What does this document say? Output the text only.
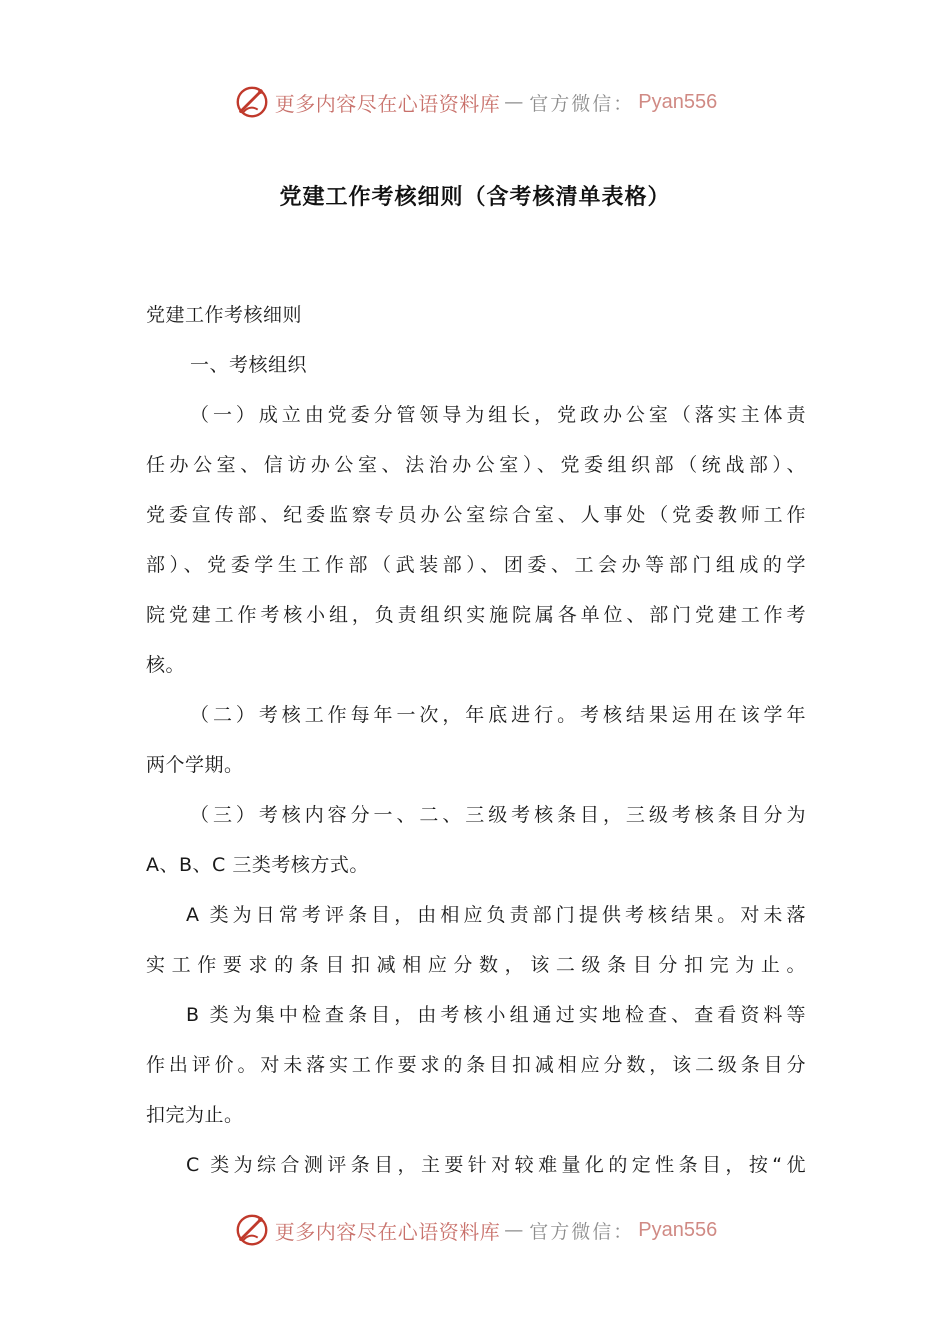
更多内容尽在心语资料库 — 官方微信： Pyan556
党建工作考核细则（含考核清单表格）
党建工作考核细则
一、考核组织
（一）成立由党委分管领导为组长，党政办公室（落实主体责
任办公室、信访办公室、法治办公室）、党委组织部（统战部）、
党委宣传部、纪委监察专员办公室综合室、人事处（党委教师工作
部）、党委学生工作部（武装部）、团委、工会办等部门组成的学
院党建工作考核小组，负责组织实施院属各单位、部门党建工作考
核。
（二）考核工作每年一次，年底进行。考核结果运用在该学年
两个学期。
（三）考核内容分一、二、三级考核条目，三级考核条目分为
A、B、C 三类考核方式。
A 类为日常考评条目，由相应负责部门提供考核结果。对未落
实工作要求的条目扣减相应分数，该二级条目分扣完为止。
B 类为集中检查条目，由考核小组通过实地检查、查看资料等
作出评价。对未落实工作要求的条目扣减相应分数，该二级条目分
扣完为止。
C 类为综合测评条目，主要针对较难量化的定性条目，按“优
更多内容尽在心语资料库 — 官方微信： Pyan556
